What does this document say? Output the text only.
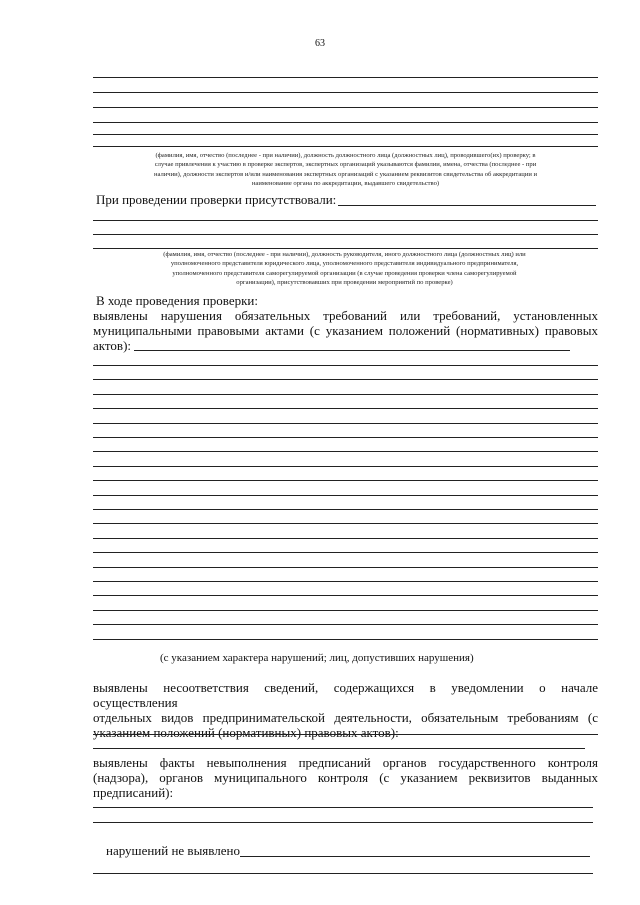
63
(фамилия, имя, отчество (последнее - при наличии), должность должностного лица (должностных лиц), проводившего(их) проверку; в
случае привлечения к участию в проверке экспертов, экспертных организаций указываются фамилии, имена, отчества (последнее - при
наличии), должности экспертов и/или наименования экспертных организаций с указанием реквизитов свидетельства об аккредитации и
наименование органа по аккредитации, выдавшего свидетельство)
При проведении проверки присутствовали:
(фамилия, имя, отчество (последнее - при наличии), должность руководителя, иного должностного лица (должностных лиц) или
уполномоченного представителя юридического лица, уполномоченного представителя индивидуального предпринимателя,
уполномоченного представителя саморегулируемой организации (в случае проведения проверки члена саморегулируемой
организации), присутствовавших при проведении мероприятий по проверке)
В ходе проведения проверки:
выявлены нарушения обязательных требований или требований, установленных
муниципальными правовыми актами (с указанием положений (нормативных) правовых
актов):
(с указанием характера нарушений; лиц, допустивших нарушения)
выявлены несоответствия сведений, содержащихся в уведомлении о начале осуществления
отдельных видов предпринимательской деятельности, обязательным требованиям (с
указанием положений (нормативных) правовых актов):
выявлены факты невыполнения предписаний органов государственного контроля
(надзора), органов муниципального контроля (с указанием реквизитов выданных
предписаний):
нарушений не выявлено
